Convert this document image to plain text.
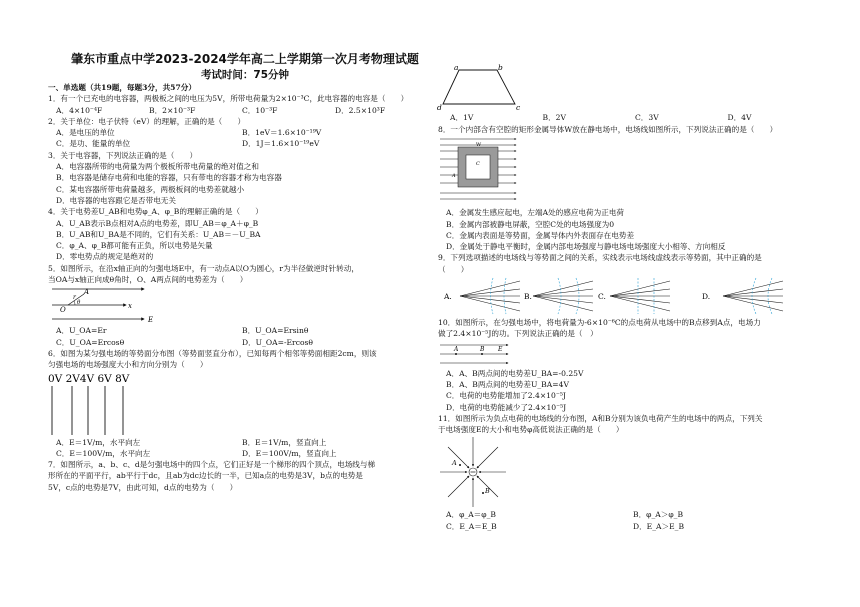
肇东市重点中学2023-2024学年高二上学期第一次月考物理试题
考试时间：75分钟
一、单选题（共19题，每题3分，共57分）
1．有一个已充电的电容器，两极板之间的电压为5V，所带电荷量为2×10⁻³C，此电容器的电容是（　　）
A．4×10⁻⁴F	B．2×10⁻³F	C．10⁻³F	D．2.5×10³F
2．关于单位：电子伏特（eV）的理解，正确的是（　　）
A．是电压的单位	B．1eV＝1.6×10⁻¹⁹V
C．是功、能量的单位	D．1J＝1.6×10⁻¹⁹eV
3．关于电容器，下列说法正确的是（　　）
A．电容器所带的电荷量为两个极板所带电荷量的绝对值之和
B．电容器是储存电荷和电能的容器，只有带电的容器才称为电容器
C．某电容器所带电荷量越多，两极板间的电势差就越小
D．电容器的电容跟它是否带电无关
4．关于电势差U_AB和电势φ_A、φ_B的理解正确的是（　　）
A．U_AB表示B点相对A点的电势差，即U_AB＝φ_A＋φ_B
B．U_AB和U_BA是不同的，它们有关系：U_AB＝－U_BA
C．φ_A、φ_B都可能有正负，所以电势是矢量
D．零电势点的规定是绝对的
5．如图所示，在沿x轴正向的匀强电场E中，有一动点A以O为圆心，r为半径做逆时针转动，
当OA与x轴正向成θ角时，O、A两点间的电势差为（　　）
A
O	x
r
θ
E
A．U_OA=Er	B．U_OA=Ersinθ
C．U_OA=Ercosθ	D．U_OA=-Ercosθ
6．如图为某匀强电场的等势面分布图（等势面竖直分布），已知每两个相邻等势面相距2cm，则该
匀强电场的电场强度大小和方向分别为（　　）
0V 2V4V 6V 8V
A．E＝1V/m，水平向左	B．E＝1V/m，竖直向上
C．E＝100V/m，水平向左	D．E＝100V/m，竖直向上
7．如图所示，a、b、c、d是匀强电场中的四个点，它们正好是一个梯形的四个顶点，电场线与梯
形所在的平面平行，ab平行于dc，且ab为dc边长的一半，已知a点的电势是3V，b点的电势是
5V，c点的电势是7V，由此可知，d点的电势为（　　）
a	b
c
d
A．1V	B．2V	C．3V	D．4V
8．一个内部含有空腔的矩形金属导体W放在静电场中，电场线如图所示，下列说法正确的是（　　）
W
C
A
A．金属发生感应起电，左端A处的感应电荷为正电荷
B．金属内部被静电屏蔽，空腔C处的电场强度为0
C．金属内表面是等势面，金属导体内外表面存在电势差
D．金属处于静电平衡时，金属内部电场强度与静电场电场强度大小相等、方向相反
9．下列选项描述的电场线与等势面之间的关系，实线表示电场线虚线表示等势面，其中正确的是
（　　）
A.	B.	C.	D.
10．如图所示，在匀强电场中，将电荷量为-6×10⁻⁶C的点电荷从电场中的B点移到A点，电场力
做了2.4×10⁻⁵J的功。下列说法正确的是（　）
A	B E
A．A、B两点间的电势差U_BA=-0.25V
B．A、B两点间的电势差U_BA=4V
C．电荷的电势能增加了2.4×10⁻⁵J
D．电荷的电势能减少了2.4×10⁻⁵J
11．如图所示为负点电荷的电场线的分布图，A和B分别为该负电荷产生的电场中的两点，下列关
于电场强度E的大小和电势φ高低说法正确的是（　　）
A
B
A．φ_A＝φ_B	B．φ_A＞φ_B
C．E_A＝E_B	D．E_A＞E_B
